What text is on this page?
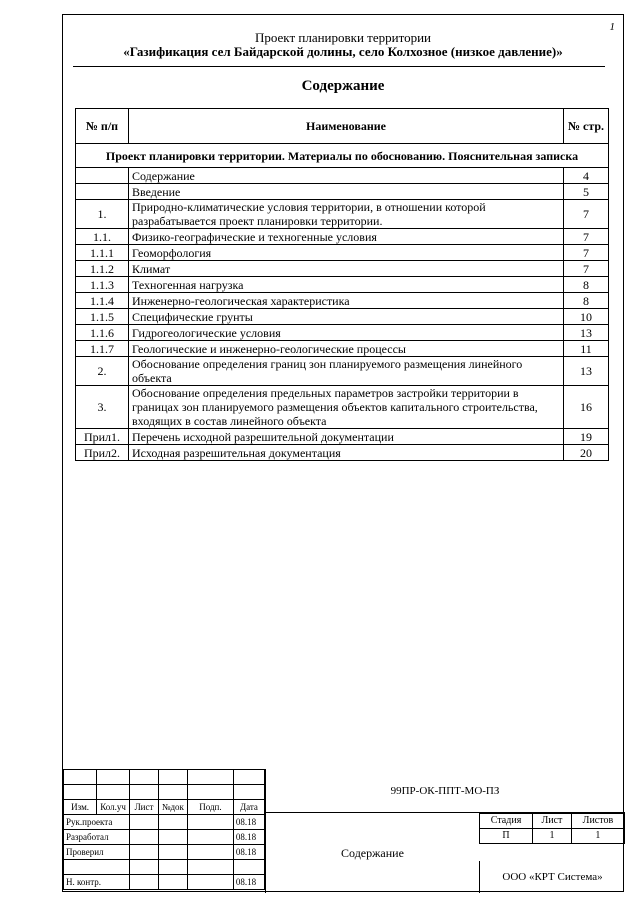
1
Проект планировки территории
«Газификация сел Байдарской долины, село Колхозное (низкое давление)»
Содержание
№ п/п	Наименование	№ стр.
Проект планировки территории. Материалы по обоснованию. Пояснительная записка		
	Содержание	4
	Введение	5
1.	Природно-климатические условия территории, в отношении которой разрабатывается проект планировки территории.	7
1.1.	Физико-географические и техногенные условия	7
1.1.1	Геоморфология	7
1.1.2	Климат	7
1.1.3	Техногенная нагрузка	8
1.1.4	Инженерно-геологическая характеристика	8
1.1.5	Специфические грунты	10
1.1.6	Гидрогеологические условия	13
1.1.7	Геологические и инженерно-геологические процессы	11
2.	Обоснование определения границ зон планируемого размещения линейного объекта	13
3.	Обоснование определения предельных параметров застройки территории в границах зон планируемого размещения объектов капитального строительства, входящих в состав линейного объекта	16
Прил1.	Перечень исходной разрешительной документации	19
Прил2.	Исходная разрешительная документация	20

Изм.	Кол.уч	Лист	№док	Подп.	Дата
Рук.проекта					08.18
Разработал					08.18
Проверил					08.18

Н. контр.					08.18
99ПР-ОК-ППТ-МО-ПЗ
Содержание
Стадия	Лист	Листов
П	1	1
ООО «КРТ Система»
